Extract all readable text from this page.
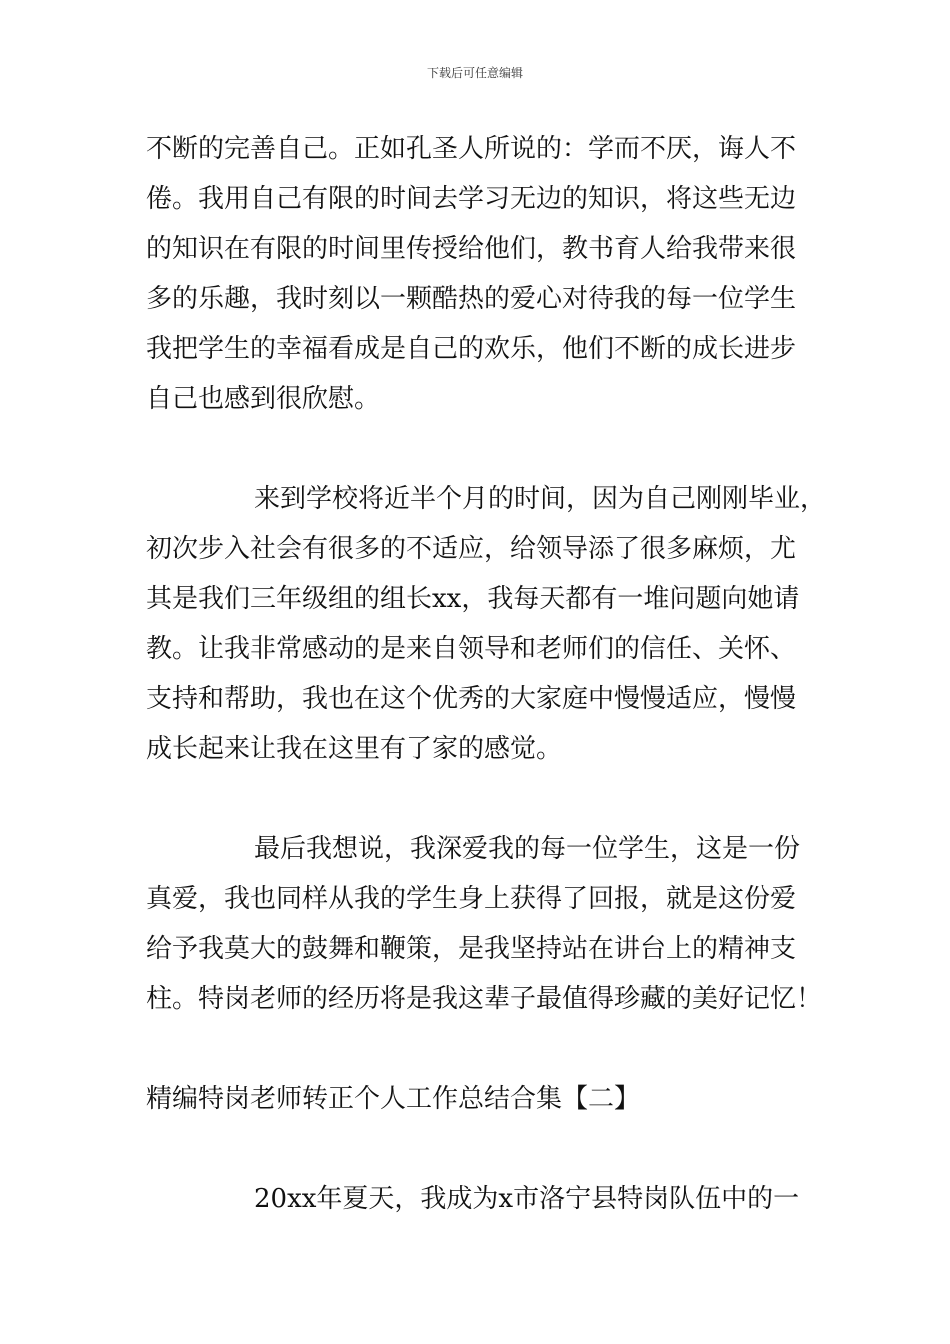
下载后可任意编辑
不断的完善自己。正如孔圣人所说的：学而不厌，诲人不
倦。我用自己有限的时间去学习无边的知识，将这些无边
的知识在有限的时间里传授给他们，教书育人给我带来很
多的乐趣，我时刻以一颗酷热的爱心对待我的每一位学生
我把学生的幸福看成是自己的欢乐，他们不断的成长进步
自己也感到很欣慰。
来到学校将近半个月的时间，因为自己刚刚毕业，
初次步入社会有很多的不适应，给领导添了很多麻烦，尤
其是我们三年级组的组长xx，我每天都有一堆问题向她请
教。让我非常感动的是来自领导和老师们的信任、关怀、
支持和帮助，我也在这个优秀的大家庭中慢慢适应，慢慢
成长起来让我在这里有了家的感觉。
最后我想说，我深爱我的每一位学生，这是一份
真爱，我也同样从我的学生身上获得了回报，就是这份爱
给予我莫大的鼓舞和鞭策，是我坚持站在讲台上的精神支
柱。特岗老师的经历将是我这辈子最值得珍藏的美好记忆！
精编特岗老师转正个人工作总结合集【二】
20xx年夏天，我成为x市洛宁县特岗队伍中的一
